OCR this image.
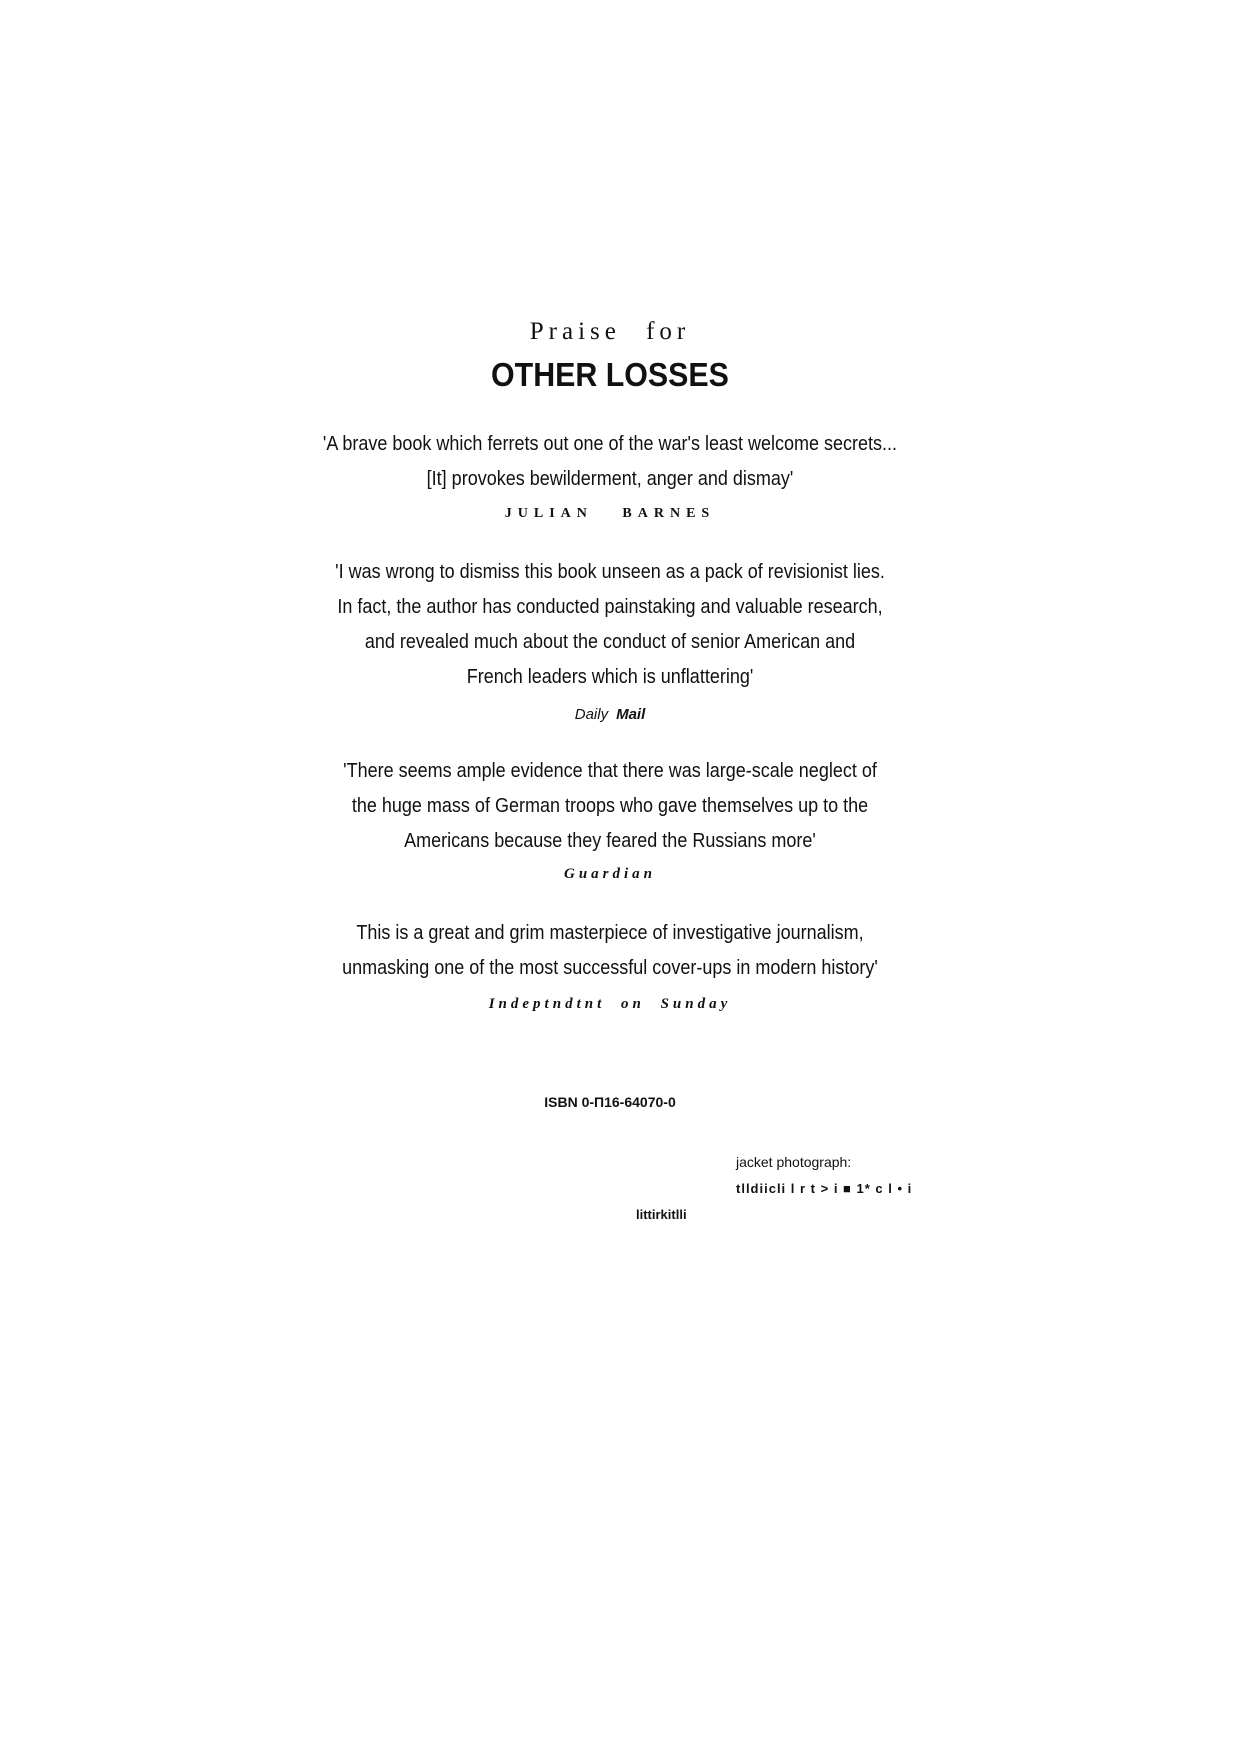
Praise for
OTHER LOSSES
'A brave book which ferrets out one of the war's least welcome secrets...
[It] provokes bewilderment, anger and dismay'
JULIAN BARNES
'I was wrong to dismiss this book unseen as a pack of revisionist lies.
In fact, the author has conducted painstaking and valuable research,
and revealed much about the conduct of senior American and
French leaders which is unflattering'
Daily Mail
'There seems ample evidence that there was large-scale neglect of
the huge mass of German troops who gave themselves up to the
Americans because they feared the Russians more'
Guardian
This is a great and grim masterpiece of investigative journalism,
unmasking one of the most successful cover-ups in modern history'
Indeptndtnt on Sunday
ISBN 0-П16-64070-0
jacket photograph:
tlldiicli l r t > i ■ 1* c l • i
littirkitlli
